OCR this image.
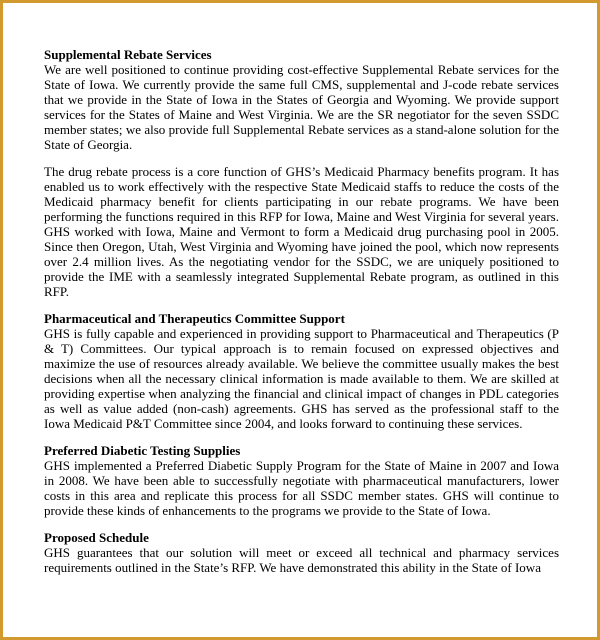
Supplemental Rebate Services

We are well positioned to continue providing cost-effective Supplemental Rebate services for the State of Iowa. We currently provide the same full CMS, supplemental and J-code rebate services that we provide in the State of Iowa in the States of Georgia and Wyoming. We provide support services for the States of Maine and West Virginia. We are the SR negotiator for the seven SSDC member states; we also provide full Supplemental Rebate services as a stand-alone solution for the State of Georgia.

The drug rebate process is a core function of GHS’s Medicaid Pharmacy benefits program. It has enabled us to work effectively with the respective State Medicaid staffs to reduce the costs of the Medicaid pharmacy benefit for clients participating in our rebate programs. We have been performing the functions required in this RFP for Iowa, Maine and West Virginia for several years. GHS worked with Iowa, Maine and Vermont to form a Medicaid drug purchasing pool in 2005. Since then Oregon, Utah, West Virginia and Wyoming have joined the pool, which now represents over 2.4 million lives. As the negotiating vendor for the SSDC, we are uniquely positioned to provide the IME with a seamlessly integrated Supplemental Rebate program, as outlined in this RFP.

Pharmaceutical and Therapeutics Committee Support

GHS is fully capable and experienced in providing support to Pharmaceutical and Therapeutics (P & T) Committees. Our typical approach is to remain focused on expressed objectives and maximize the use of resources already available. We believe the committee usually makes the best decisions when all the necessary clinical information is made available to them. We are skilled at providing expertise when analyzing the financial and clinical impact of changes in PDL categories as well as value added (non-cash) agreements. GHS has served as the professional staff to the Iowa Medicaid P&T Committee since 2004, and looks forward to continuing these services.

Preferred Diabetic Testing Supplies

GHS implemented a Preferred Diabetic Supply Program for the State of Maine in 2007 and Iowa in 2008. We have been able to successfully negotiate with pharmaceutical manufacturers, lower costs in this area and replicate this process for all SSDC member states. GHS will continue to provide these kinds of enhancements to the programs we provide to the State of Iowa.

Proposed Schedule

GHS guarantees that our solution will meet or exceed all technical and pharmacy services requirements outlined in the State’s RFP. We have demonstrated this ability in the State of Iowa
